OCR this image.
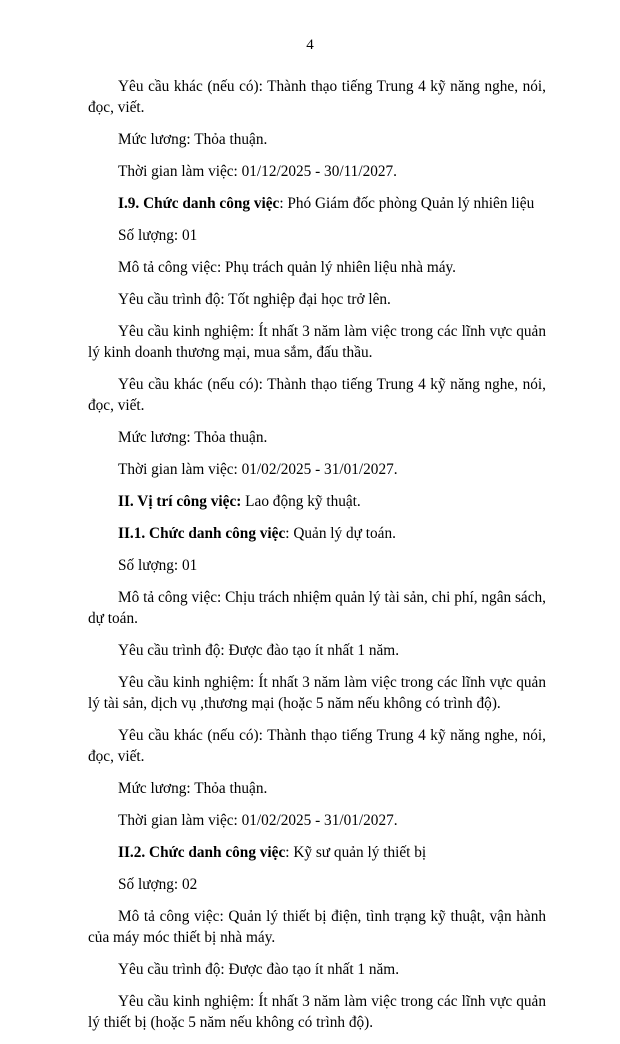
4

Yêu cầu khác (nếu có): Thành thạo tiếng Trung 4 kỹ năng nghe, nói, đọc, viết.

Mức lương: Thỏa thuận.

Thời gian làm việc: 01/12/2025 - 30/11/2027.

I.9. Chức danh công việc: Phó Giám đốc phòng Quản lý nhiên liệu

Số lượng: 01

Mô tả công việc: Phụ trách quản lý nhiên liệu nhà máy.

Yêu cầu trình độ: Tốt nghiệp đại học trở lên.

Yêu cầu kinh nghiệm: Ít nhất 3 năm làm việc trong các lĩnh vực quản lý kinh doanh thương mại, mua sắm, đấu thầu.

Yêu cầu khác (nếu có): Thành thạo tiếng Trung 4 kỹ năng nghe, nói, đọc, viết.

Mức lương: Thỏa thuận.

Thời gian làm việc: 01/02/2025 - 31/01/2027.

II. Vị trí công việc: Lao động kỹ thuật.

II.1. Chức danh công việc: Quản lý dự toán.

Số lượng: 01

Mô tả công việc: Chịu trách nhiệm quản lý tài sản, chi phí, ngân sách, dự toán.

Yêu cầu trình độ: Được đào tạo ít nhất 1 năm.

Yêu cầu kinh nghiệm: Ít nhất 3 năm làm việc trong các lĩnh vực quản lý tài sản, dịch vụ ,thương mại (hoặc 5 năm nếu không có trình độ).

Yêu cầu khác (nếu có): Thành thạo tiếng Trung 4 kỹ năng nghe, nói, đọc, viết.

Mức lương: Thỏa thuận.

Thời gian làm việc: 01/02/2025 - 31/01/2027.

II.2. Chức danh công việc: Kỹ sư quản lý thiết bị

Số lượng: 02

Mô tả công việc: Quản lý thiết bị điện, tình trạng kỹ thuật, vận hành của máy móc thiết bị nhà máy.

Yêu cầu trình độ: Được đào tạo ít nhất 1 năm.

Yêu cầu kinh nghiệm: Ít nhất 3 năm làm việc trong các lĩnh vực quản lý thiết bị (hoặc 5 năm nếu không có trình độ).
